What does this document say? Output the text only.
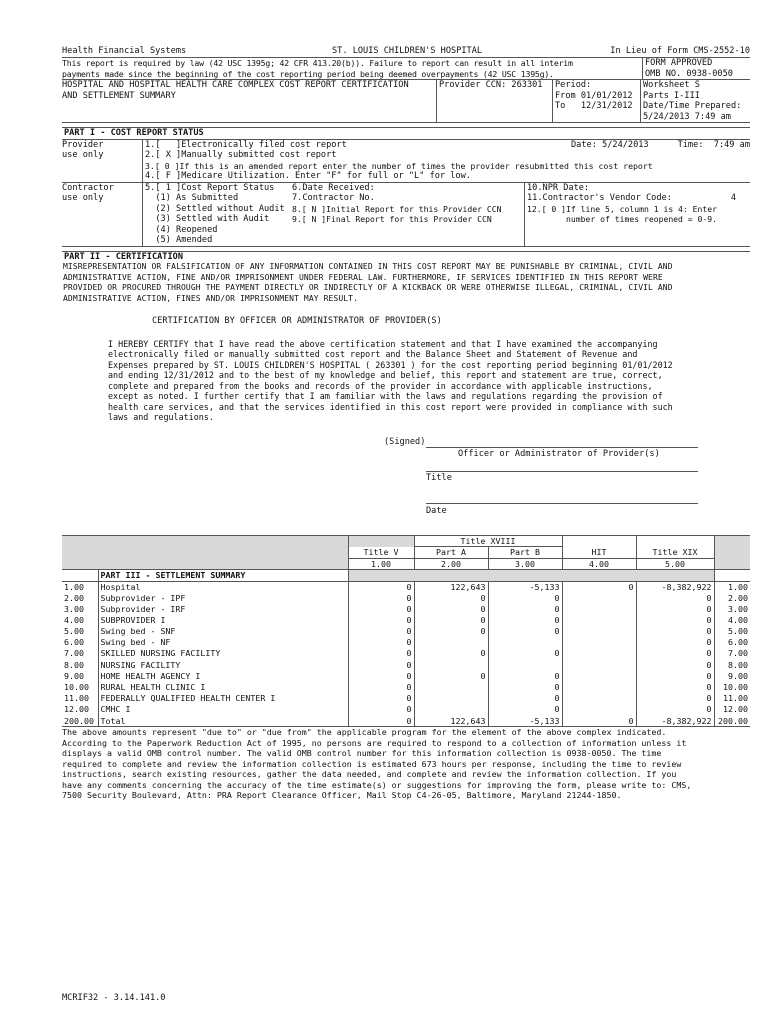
Health Financial Systems	ST. LOUIS CHILDREN'S HOSPITAL	In Lieu of Form CMS-2552-10
This report is required by law (42 USC 1395g; 42 CFR 413.20(b)). Failure to report can result in all interim
payments made since the beginning of the cost reporting period being deemed overpayments (42 USC 1395g).
FORM APPROVED
OMB NO. 0938-0050
HOSPITAL AND HOSPITAL HEALTH CARE COMPLEX COST REPORT CERTIFICATION
AND SETTLEMENT SUMMARY
Provider CCN: 263301	Period:
From 01/01/2012
To   12/31/2012
Worksheet S
Parts I-III
Date/Time Prepared:
5/24/2013 7:49 am
PART I - COST REPORT STATUS
Provider
use only
1.[   ]Electronically filed cost report
2.[ X ]Manually submitted cost report
3.[ 0 ]If this is an amended report enter the number of times the provider resubmitted this cost report
4.[ F ]Medicare Utilization. Enter "F" for full or "L" for low.
Date: 5/24/2013	Time:  7:49 am
Contractor
use only
5.[ 1 ]Cost Report Status
(1) As Submitted
(2) Settled without Audit
(3) Settled with Audit
(4) Reopened
(5) Amended
6.Date Received:
7.Contractor No.
8.[ N ]Initial Report for this Provider CCN
9.[ N ]Final Report for this Provider CCN
10.NPR Date:
11.Contractor's Vendor Code:
12.[ 0 ]If line 5, column 1 is 4: Enter
number of times reopened = 0-9.
4
PART II - CERTIFICATION
MISREPRESENTATION OR FALSIFICATION OF ANY INFORMATION CONTAINED IN THIS COST REPORT MAY BE PUNISHABLE BY CRIMINAL, CIVIL AND
ADMINISTRATIVE ACTION, FINE AND/OR IMPRISONMENT UNDER FEDERAL LAW. FURTHERMORE, IF SERVICES IDENTIFIED IN THIS REPORT WERE
PROVIDED OR PROCURED THROUGH THE PAYMENT DIRECTLY OR INDIRECTLY OF A KICKBACK OR WERE OTHERWISE ILLEGAL, CRIMINAL, CIVIL AND
ADMINISTRATIVE ACTION, FINES AND/OR IMPRISONMENT MAY RESULT.
CERTIFICATION BY OFFICER OR ADMINISTRATOR OF PROVIDER(S)
I HEREBY CERTIFY that I have read the above certification statement and that I have examined the accompanying
electronically filed or manually submitted cost report and the Balance Sheet and Statement of Revenue and
Expenses prepared by ST. LOUIS CHILDREN'S HOSPITAL ( 263301 ) for the cost reporting period beginning 01/01/2012
and ending 12/31/2012 and to the best of my knowledge and belief, this report and statement are true, correct,
complete and prepared from the books and records of the provider in accordance with applicable instructions,
except as noted. I further certify that I am familiar with the laws and regulations regarding the provision of
health care services, and that the services identified in this cost report were provided in compliance with such
laws and regulations.
(Signed)
Officer or Administrator of Provider(s)
Title
Date
			Title XVIII				
		Title V	Part A	Part B	HIT	Title XIX	
		1.00	2.00	3.00	4.00	5.00	
	PART III - SETTLEMENT SUMMARY						
1.00	Hospital	0	122,643	-5,133	0	-8,382,922	1.00
2.00	Subprovider - IPF	0	0	0		0	2.00
3.00	Subprovider - IRF	0	0	0		0	3.00
4.00	SUBPROVIDER I	0	0	0		0	4.00
5.00	Swing bed - SNF	0	0	0		0	5.00
6.00	Swing bed - NF	0				0	6.00
7.00	SKILLED NURSING FACILITY	0	0	0		0	7.00
8.00	NURSING FACILITY	0				0	8.00
9.00	HOME HEALTH AGENCY I	0	0	0		0	9.00
10.00	RURAL HEALTH CLINIC I	0		0		0	10.00
11.00	FEDERALLY QUALIFIED HEALTH CENTER I	0		0		0	11.00
12.00	CMHC I	0		0		0	12.00
200.00	Total	0	122,643	-5,133	0	-8,382,922	200.00
The above amounts represent "due to" or "due from" the applicable program for the element of the above complex indicated.
According to the Paperwork Reduction Act of 1995, no persons are required to respond to a collection of information unless it
displays a valid OMB control number. The valid OMB control number for this information collection is 0938-0050. The time
required to complete and review the information collection is estimated 673 hours per response, including the time to review
instructions, search existing resources, gather the data needed, and complete and review the information collection. If you
have any comments concerning the accuracy of the time estimate(s) or suggestions for improving the form, please write to: CMS,
7500 Security Boulevard, Attn: PRA Report Clearance Officer, Mail Stop C4-26-05, Baltimore, Maryland 21244-1850.
MCRIF32 - 3.14.141.0
